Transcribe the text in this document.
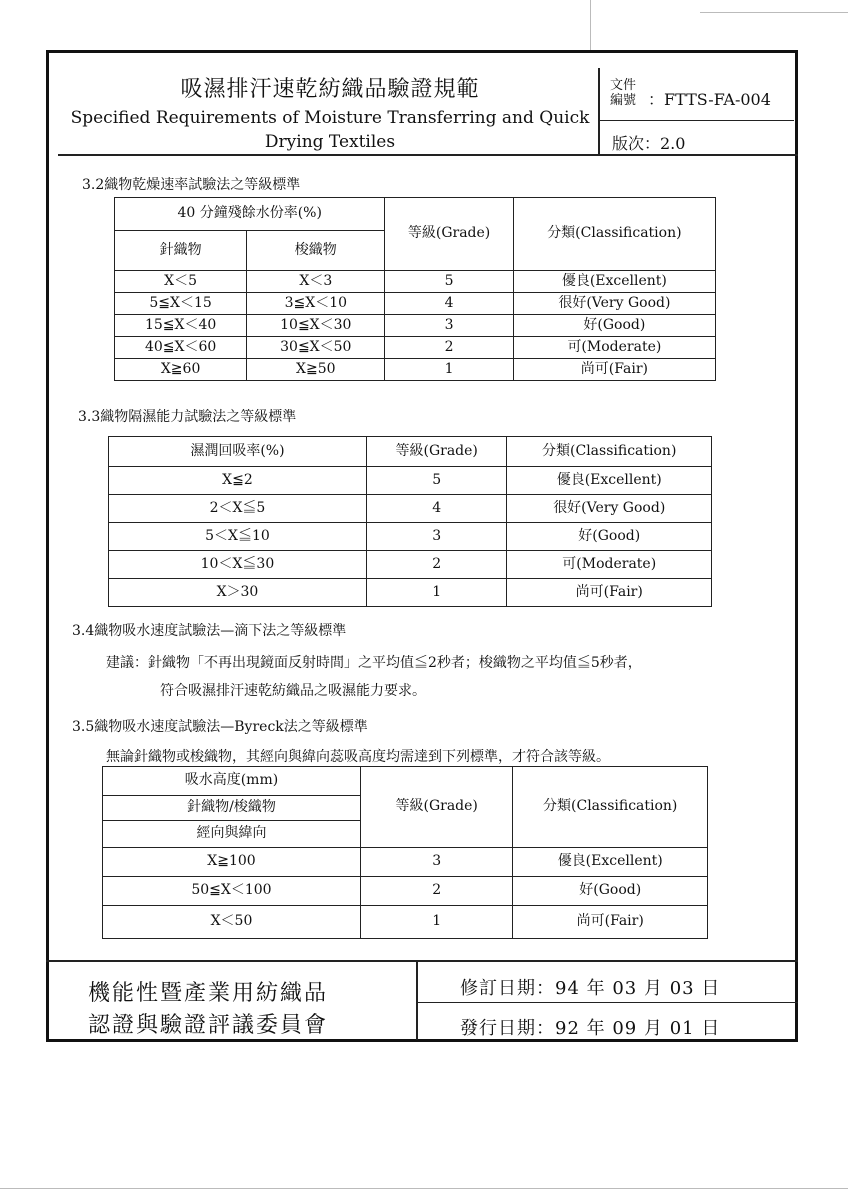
吸濕排汗速乾紡織品驗證規範
Specified Requirements of Moisture Transferring and Quick Drying Textiles
文件
編號 ：FTTS-FA-004
版次：2.0
3.2織物乾燥速率試驗法之等級標準
40 分鐘殘餘水份率(%)		等級(Grade)	分類(Classification)
針織物	梭織物		
X＜5	X＜3	5	優良(Excellent)
5≦X＜15	3≦X＜10	4	很好(Very Good)
15≦X＜40	10≦X＜30	3	好(Good)
40≦X＜60	30≦X＜50	2	可(Moderate)
X≧60	X≧50	1	尚可(Fair)
3.3織物隔濕能力試驗法之等級標準
濕潤回吸率(%)	等級(Grade)	分類(Classification)
X≦2	5	優良(Excellent)
2＜X≦5	4	很好(Very Good)
5＜X≦10	3	好(Good)
10＜X≦30	2	可(Moderate)
X＞30	1	尚可(Fair)
3.4織物吸水速度試驗法—滴下法之等級標準
建議：針織物「不再出現鏡面反射時間」之平均值≦2秒者；梭織物之平均值≦5秒者，
符合吸濕排汗速乾紡織品之吸濕能力要求。
3.5織物吸水速度試驗法—Byreck法之等級標準
無論針織物或梭織物，其經向與緯向蕊吸高度均需達到下列標準，才符合該等級。
吸水高度(mm)	等級(Grade)	分類(Classification)
針織物/梭織物		
經向與緯向		
X≧100	3	優良(Excellent)
50≦X＜100	2	好(Good)
X＜50	1	尚可(Fair)
機能性暨產業用紡織品
認證與驗證評議委員會
修訂日期：94 年 03 月 03 日
發行日期：92 年 09 月 01 日
